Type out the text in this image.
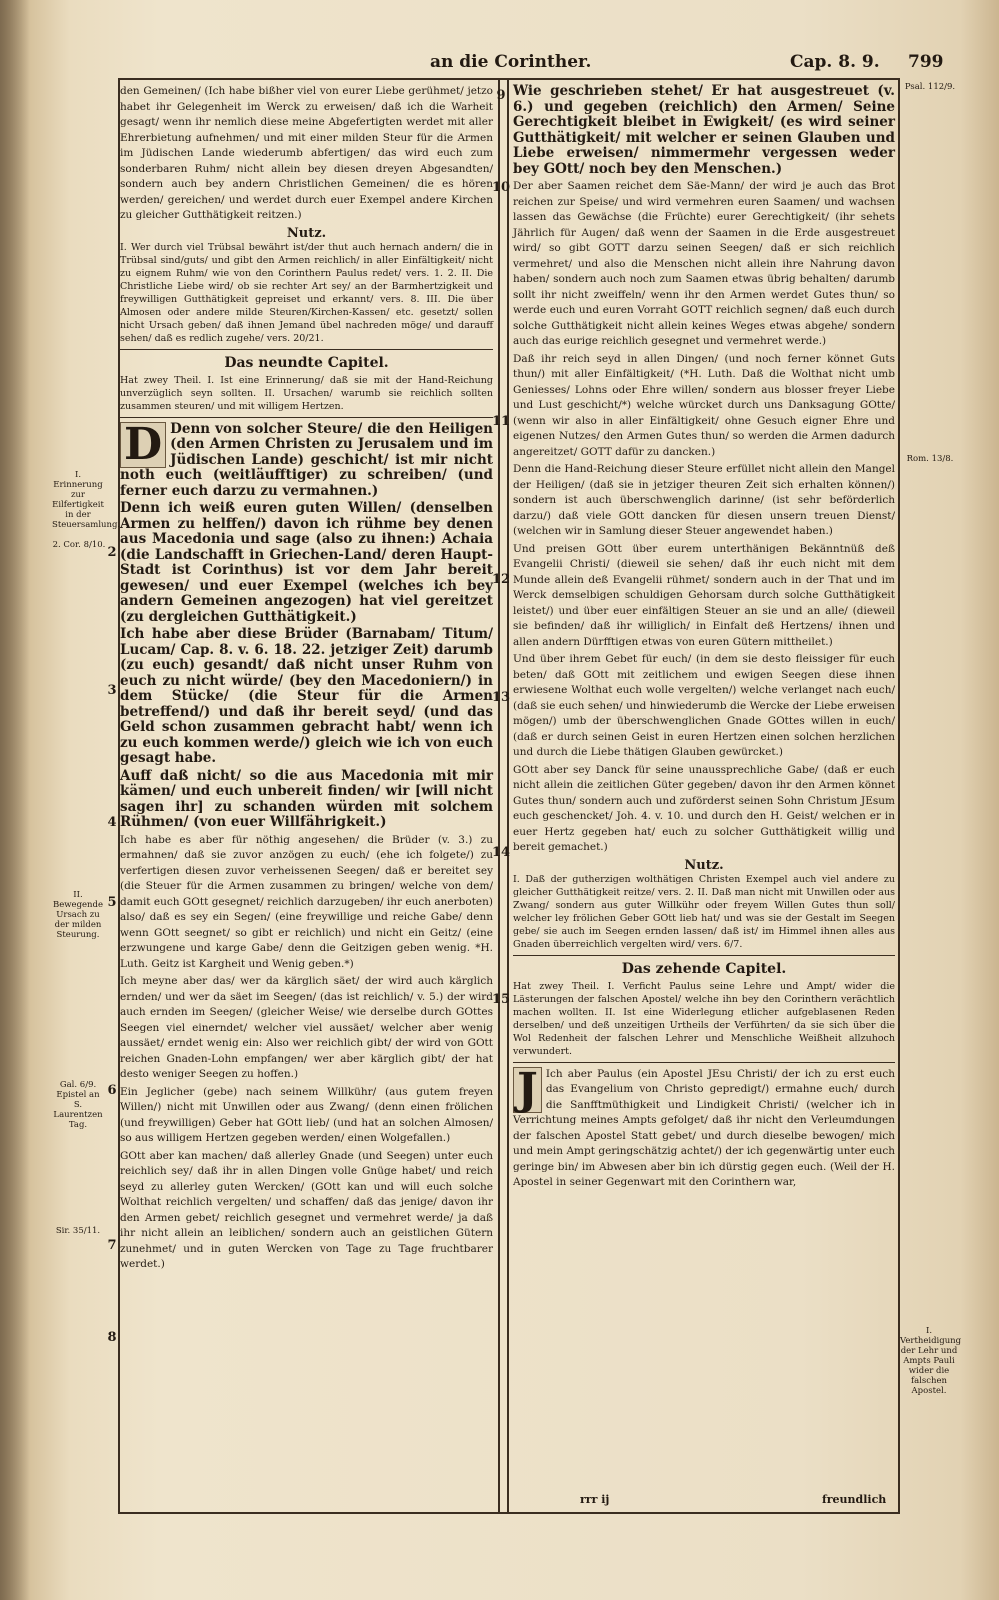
an die Corinther.	Cap. 8. 9. 799
2
3
4
5
6
7
8
9
10
11
12
13
14
15

den Gemeinen/ (Ich habe bißher viel von eurer Liebe gerühmet/ jetzo habet ihr Gelegenheit im Werck zu erweisen/ daß ich die Warheit gesagt/ wenn ihr nemlich diese meine Abgefertigten werdet mit aller Ehrerbietung aufnehmen/ und mit einer milden Steur für die Armen im Jüdischen Lande wiederumb abfertigen/ das wird euch zum sonderbaren Ruhm/ nicht allein bey diesen dreyen Abgesandten/ sondern auch bey andern Christlichen Gemeinen/ die es hören werden/ gereichen/ und werdet durch euer Exempel andere Kirchen zu gleicher Gutthätigkeit reitzen.)

Nutz.

I. Wer durch viel Trübsal bewährt ist/der thut auch hernach andern/ die in Trübsal sind/guts/ und gibt den Armen reichlich/ in aller Einfältigkeit/ nicht zu eignem Ruhm/ wie von den Corinthern Paulus redet/ vers. 1. 2. II. Die Christliche Liebe wird/ ob sie rechter Art sey/ an der Barmhertzigkeit und freywilligen Gutthätigkeit gepreiset und erkannt/ vers. 8. III. Die über Almosen oder andere milde Steuren/Kirchen-Kassen/ etc. gesetzt/ sollen nicht Ursach geben/ daß ihnen Jemand übel nachreden möge/ und darauff sehen/ daß es redlich zugehe/ vers. 20/21.

Das neundte Capitel.

Hat zwey Theil. I. Ist eine Erinnerung/ daß sie mit der Hand-Reichung unverzüglich seyn sollten. II. Ursachen/ warumb sie reichlich sollten zusammen steuren/ und mit willigem Hertzen.

D Denn von solcher Steure/ die den Heiligen (den Armen Christen zu Jerusalem und im Jüdischen Lande) geschicht/ ist mir nicht noth euch (weitläufftiger) zu schreiben/ (und ferner euch darzu zu vermahnen.)

Denn ich weiß euren guten Willen/ (denselben Armen zu helffen/) davon ich rühme bey denen aus Macedonia und sage (also zu ihnen:) Achaia (die Landschafft in Griechen-Land/ deren Haupt-Stadt ist Corinthus) ist vor dem Jahr bereit gewesen/ und euer Exempel (welches ich bey andern Gemeinen angezogen) hat viel gereitzet (zu dergleichen Gutthätigkeit.)

Ich habe aber diese Brüder (Barnabam/ Titum/ Lucam/ Cap. 8. v. 6. 18. 22. jetziger Zeit) darumb (zu euch) gesandt/ daß nicht unser Ruhm von euch zu nicht würde/ (bey den Macedoniern/) in dem Stücke/ (die Steur für die Armen betreffend/) und daß ihr bereit seyd/ (und das Geld schon zusammen gebracht habt/ wenn ich zu euch kommen werde/) gleich wie ich von euch gesagt habe.

Auff daß nicht/ so die aus Macedonia mit mir kämen/ und euch unbereit finden/ wir [will nicht sagen ihr] zu schanden würden mit solchem Rühmen/ (von euer Willfährigkeit.)

Ich habe es aber für nöthig angesehen/ die Brüder (v. 3.) zu ermahnen/ daß sie zuvor anzögen zu euch/ (ehe ich folgete/) zu verfertigen diesen zuvor verheissenen Seegen/ daß er bereitet sey (die Steuer für die Armen zusammen zu bringen/ welche von dem/ damit euch GOtt gesegnet/ reichlich darzugeben/ ihr euch anerboten) also/ daß es sey ein Segen/ (eine freywillige und reiche Gabe/ denn wenn GOtt seegnet/ so gibt er reichlich) und nicht ein Geitz/ (eine erzwungene und karge Gabe/ denn die Geitzigen geben wenig. *H. Luth. Geitz ist Kargheit und Wenig geben.*)

Ich meyne aber das/ wer da kärglich säet/ der wird auch kärglich ernden/ und wer da säet im Seegen/ (das ist reichlich/ v. 5.) der wird auch ernden im Seegen/ (gleicher Weise/ wie derselbe durch GOttes Seegen viel einerndet/ welcher viel aussäet/ welcher aber wenig aussäet/ erndet wenig ein: Also wer reichlich gibt/ der wird von GOtt reichen Gnaden-Lohn empfangen/ wer aber kärglich gibt/ der hat desto weniger Seegen zu hoffen.)

Ein Jeglicher (gebe) nach seinem Willkühr/ (aus gutem freyen Willen/) nicht mit Unwillen oder aus Zwang/ (denn einen frölichen (und freywilligen) Geber hat GOtt lieb/ (und hat an solchen Almosen/ so aus willigem Hertzen gegeben werden/ einen Wolgefallen.)

GOtt aber kan machen/ daß allerley Gnade (und Seegen) unter euch reichlich sey/ daß ihr in allen Dingen volle Gnüge habet/ und reich seyd zu allerley guten Wercken/ (GOtt kan und will euch solche Wolthat reichlich vergelten/ und schaffen/ daß das jenige/ davon ihr den Armen gebet/ reichlich gesegnet und vermehret werde/ ja daß ihr nicht allein an leiblichen/ sondern auch an geistlichen Gütern zunehmet/ und in guten Wercken von Tage zu Tage fruchtbarer werdet.)

Wie geschrieben stehet/ Er hat ausgestreuet (v. 6.) und gegeben (reichlich) den Armen/ Seine Gerechtigkeit bleibet in Ewigkeit/ (es wird seiner Gutthätigkeit/ mit welcher er seinen Glauben und Liebe erweisen/ nimmermehr vergessen weder bey GOtt/ noch bey den Menschen.)

Der aber Saamen reichet dem Säe-Mann/ der wird je auch das Brot reichen zur Speise/ und wird vermehren euren Saamen/ und wachsen lassen das Gewächse (die Früchte) eurer Gerechtigkeit/ (ihr sehets Jährlich für Augen/ daß wenn der Saamen in die Erde ausgestreuet wird/ so gibt GOTT darzu seinen Seegen/ daß er sich reichlich vermehret/ und also die Menschen nicht allein ihre Nahrung davon haben/ sondern auch noch zum Saamen etwas übrig behalten/ darumb sollt ihr nicht zweiffeln/ wenn ihr den Armen werdet Gutes thun/ so werde euch und euren Vorraht GOTT reichlich segnen/ daß euch durch solche Gutthätigkeit nicht allein keines Weges etwas abgehe/ sondern auch das eurige reichlich gesegnet und vermehret werde.)

Daß ihr reich seyd in allen Dingen/ (und noch ferner könnet Guts thun/) mit aller Einfältigkeit/ (*H. Luth. Daß die Wolthat nicht umb Geniesses/ Lohns oder Ehre willen/ sondern aus blosser freyer Liebe und Lust geschicht/*) welche würcket durch uns Danksagung GOtte/ (wenn wir also in aller Einfältigkeit/ ohne Gesuch eigner Ehre und eigenen Nutzes/ den Armen Gutes thun/ so werden die Armen dadurch angereitzet/ GOTT dafür zu dancken.)

Denn die Hand-Reichung dieser Steure erfüllet nicht allein den Mangel der Heiligen/ (daß sie in jetziger theuren Zeit sich erhalten können/) sondern ist auch überschwenglich darinne/ (ist sehr beförderlich darzu/) daß viele GOtt dancken für diesen unsern treuen Dienst/ (welchen wir in Samlung dieser Steuer angewendet haben.)

Und preisen GOtt über eurem unterthänigen Bekänntnüß deß Evangelii Christi/ (dieweil sie sehen/ daß ihr euch nicht mit dem Munde allein deß Evangelii rühmet/ sondern auch in der That und im Werck demselbigen schuldigen Gehorsam durch solche Gutthätigkeit leistet/) und über euer einfältigen Steuer an sie und an alle/ (dieweil sie befinden/ daß ihr williglich/ in Einfalt deß Hertzens/ ihnen und allen andern Dürfftigen etwas von euren Gütern mittheilet.)

Und über ihrem Gebet für euch/ (in dem sie desto fleissiger für euch beten/ daß GOtt mit zeitlichem und ewigen Seegen diese ihnen erwiesene Wolthat euch wolle vergelten/) welche verlanget nach euch/ (daß sie euch sehen/ und hinwiederumb die Wercke der Liebe erweisen mögen/) umb der überschwenglichen Gnade GOttes willen in euch/ (daß er durch seinen Geist in euren Hertzen einen solchen herzlichen und durch die Liebe thätigen Glauben gewürcket.)

GOtt aber sey Danck für seine unaussprechliche Gabe/ (daß er euch nicht allein die zeitlichen Güter gegeben/ davon ihr den Armen könnet Gutes thun/ sondern auch und zuförderst seinen Sohn Christum JEsum euch geschencket/ Joh. 4. v. 10. und durch den H. Geist/ welchen er in euer Hertz gegeben hat/ euch zu solcher Gutthätigkeit willig und bereit gemachet.)

Nutz.

I. Daß der gutherzigen wolthätigen Christen Exempel auch viel andere zu gleicher Gutthätigkeit reitze/ vers. 2. II. Daß man nicht mit Unwillen oder aus Zwang/ sondern aus guter Willkühr oder freyem Willen Gutes thun soll/ welcher ley frölichen Geber GOtt lieb hat/ und was sie der Gestalt im Seegen gebe/ sie auch im Seegen ernden lassen/ daß ist/ im Himmel ihnen alles aus Gnaden überreichlich vergelten wird/ vers. 6/7.

Das zehende Capitel.

Hat zwey Theil. I. Verficht Paulus seine Lehre und Ampt/ wider die Lästerungen der falschen Apostel/ welche ihn bey den Corinthern verächtlich machen wollten. II. Ist eine Widerlegung etlicher aufgeblasenen Reden derselben/ und deß unzeitigen Urtheils der Verführten/ da sie sich über die Wol Redenheit der falschen Lehrer und Menschliche Weißheit allzuhoch verwundert.

J Ich aber Paulus (ein Apostel JEsu Christi/ der ich zu erst euch das Evangelium von Christo gepredigt/) ermahne euch/ durch die Sanfftmüthigkeit und Lindigkeit Christi/ (welcher ich in Verrichtung meines Ampts gefolget/ daß ihr nicht den Verleumdungen der falschen Apostel Statt gebet/ und durch dieselbe bewogen/ mich und mein Ampt geringschätzig achtet/) der ich gegenwärtig unter euch geringe bin/ im Abwesen aber bin ich dürstig gegen euch. (Weil der H. Apostel in seiner Gegenwart mit den Corinthern war,

I. Erinnerung zur Eilfertigkeit in der Steuersamlung.
2. Cor. 8/10.
II. Bewegende Ursach zu der milden Steurung.
Gal. 6/9. Epistel an S. Laurentzen Tag.
Sir. 35/11.
Psal. 112/9.
Rom. 13/8.
I. Vertheidigung der Lehr und Ampts Pauli wider die falschen Apostel.
rrr ij	freundlich
